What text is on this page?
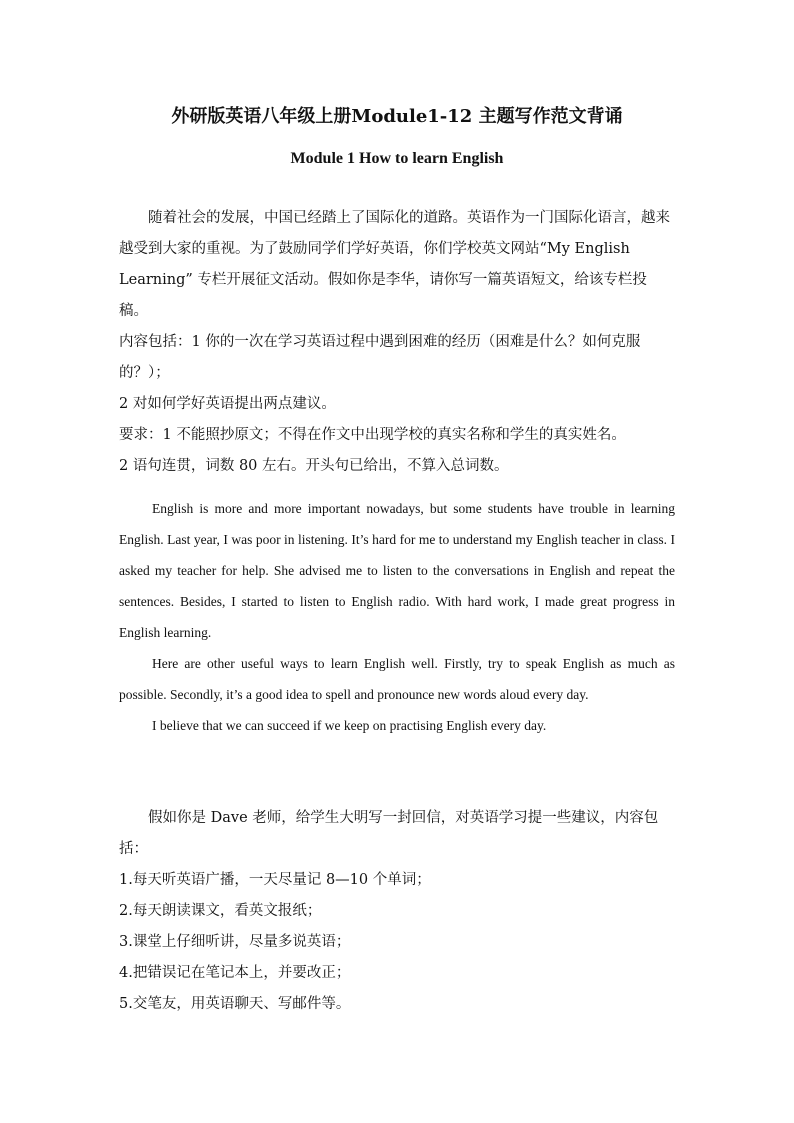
外研版英语八年级上册Module1-12 主题写作范文背诵
Module 1 How to learn English

随着社会的发展，中国已经踏上了国际化的道路。英语作为一门国际化语言，越来越受到大家的重视。为了鼓励同学们学好英语，你们学校英文网站“My English Learning” 专栏开展征文活动。假如你是李华，请你写一篇英语短文，给该专栏投稿。

内容包括：1 你的一次在学习英语过程中遇到困难的经历（困难是什么？如何克服的？）；

2 对如何学好英语提出两点建议。

要求：1 不能照抄原文；不得在作文中出现学校的真实名称和学生的真实姓名。

2 语句连贯，词数 80 左右。开头句已给出，不算入总词数。

English is more and more important nowadays, but some students have trouble in learning English. Last year, I was poor in listening. It’s hard for me to understand my English teacher in class. I asked my teacher for help. She advised me to listen to the conversations in English and repeat the sentences. Besides, I started to listen to English radio. With hard work, I made great progress in English learning.

Here are other useful ways to learn English well. Firstly, try to speak English as much as possible. Secondly, it’s a good idea to spell and pronounce new words aloud every day.

I believe that we can succeed if we keep on practising English every day.

假如你是 Dave 老师，给学生大明写一封回信，对英语学习提一些建议，内容包括：

1.每天听英语广播，一天尽量记 8—10 个单词；

2.每天朗读课文，看英文报纸；

3.课堂上仔细听讲，尽量多说英语；

4.把错误记在笔记本上，并要改正；

5.交笔友，用英语聊天、写邮件等。
